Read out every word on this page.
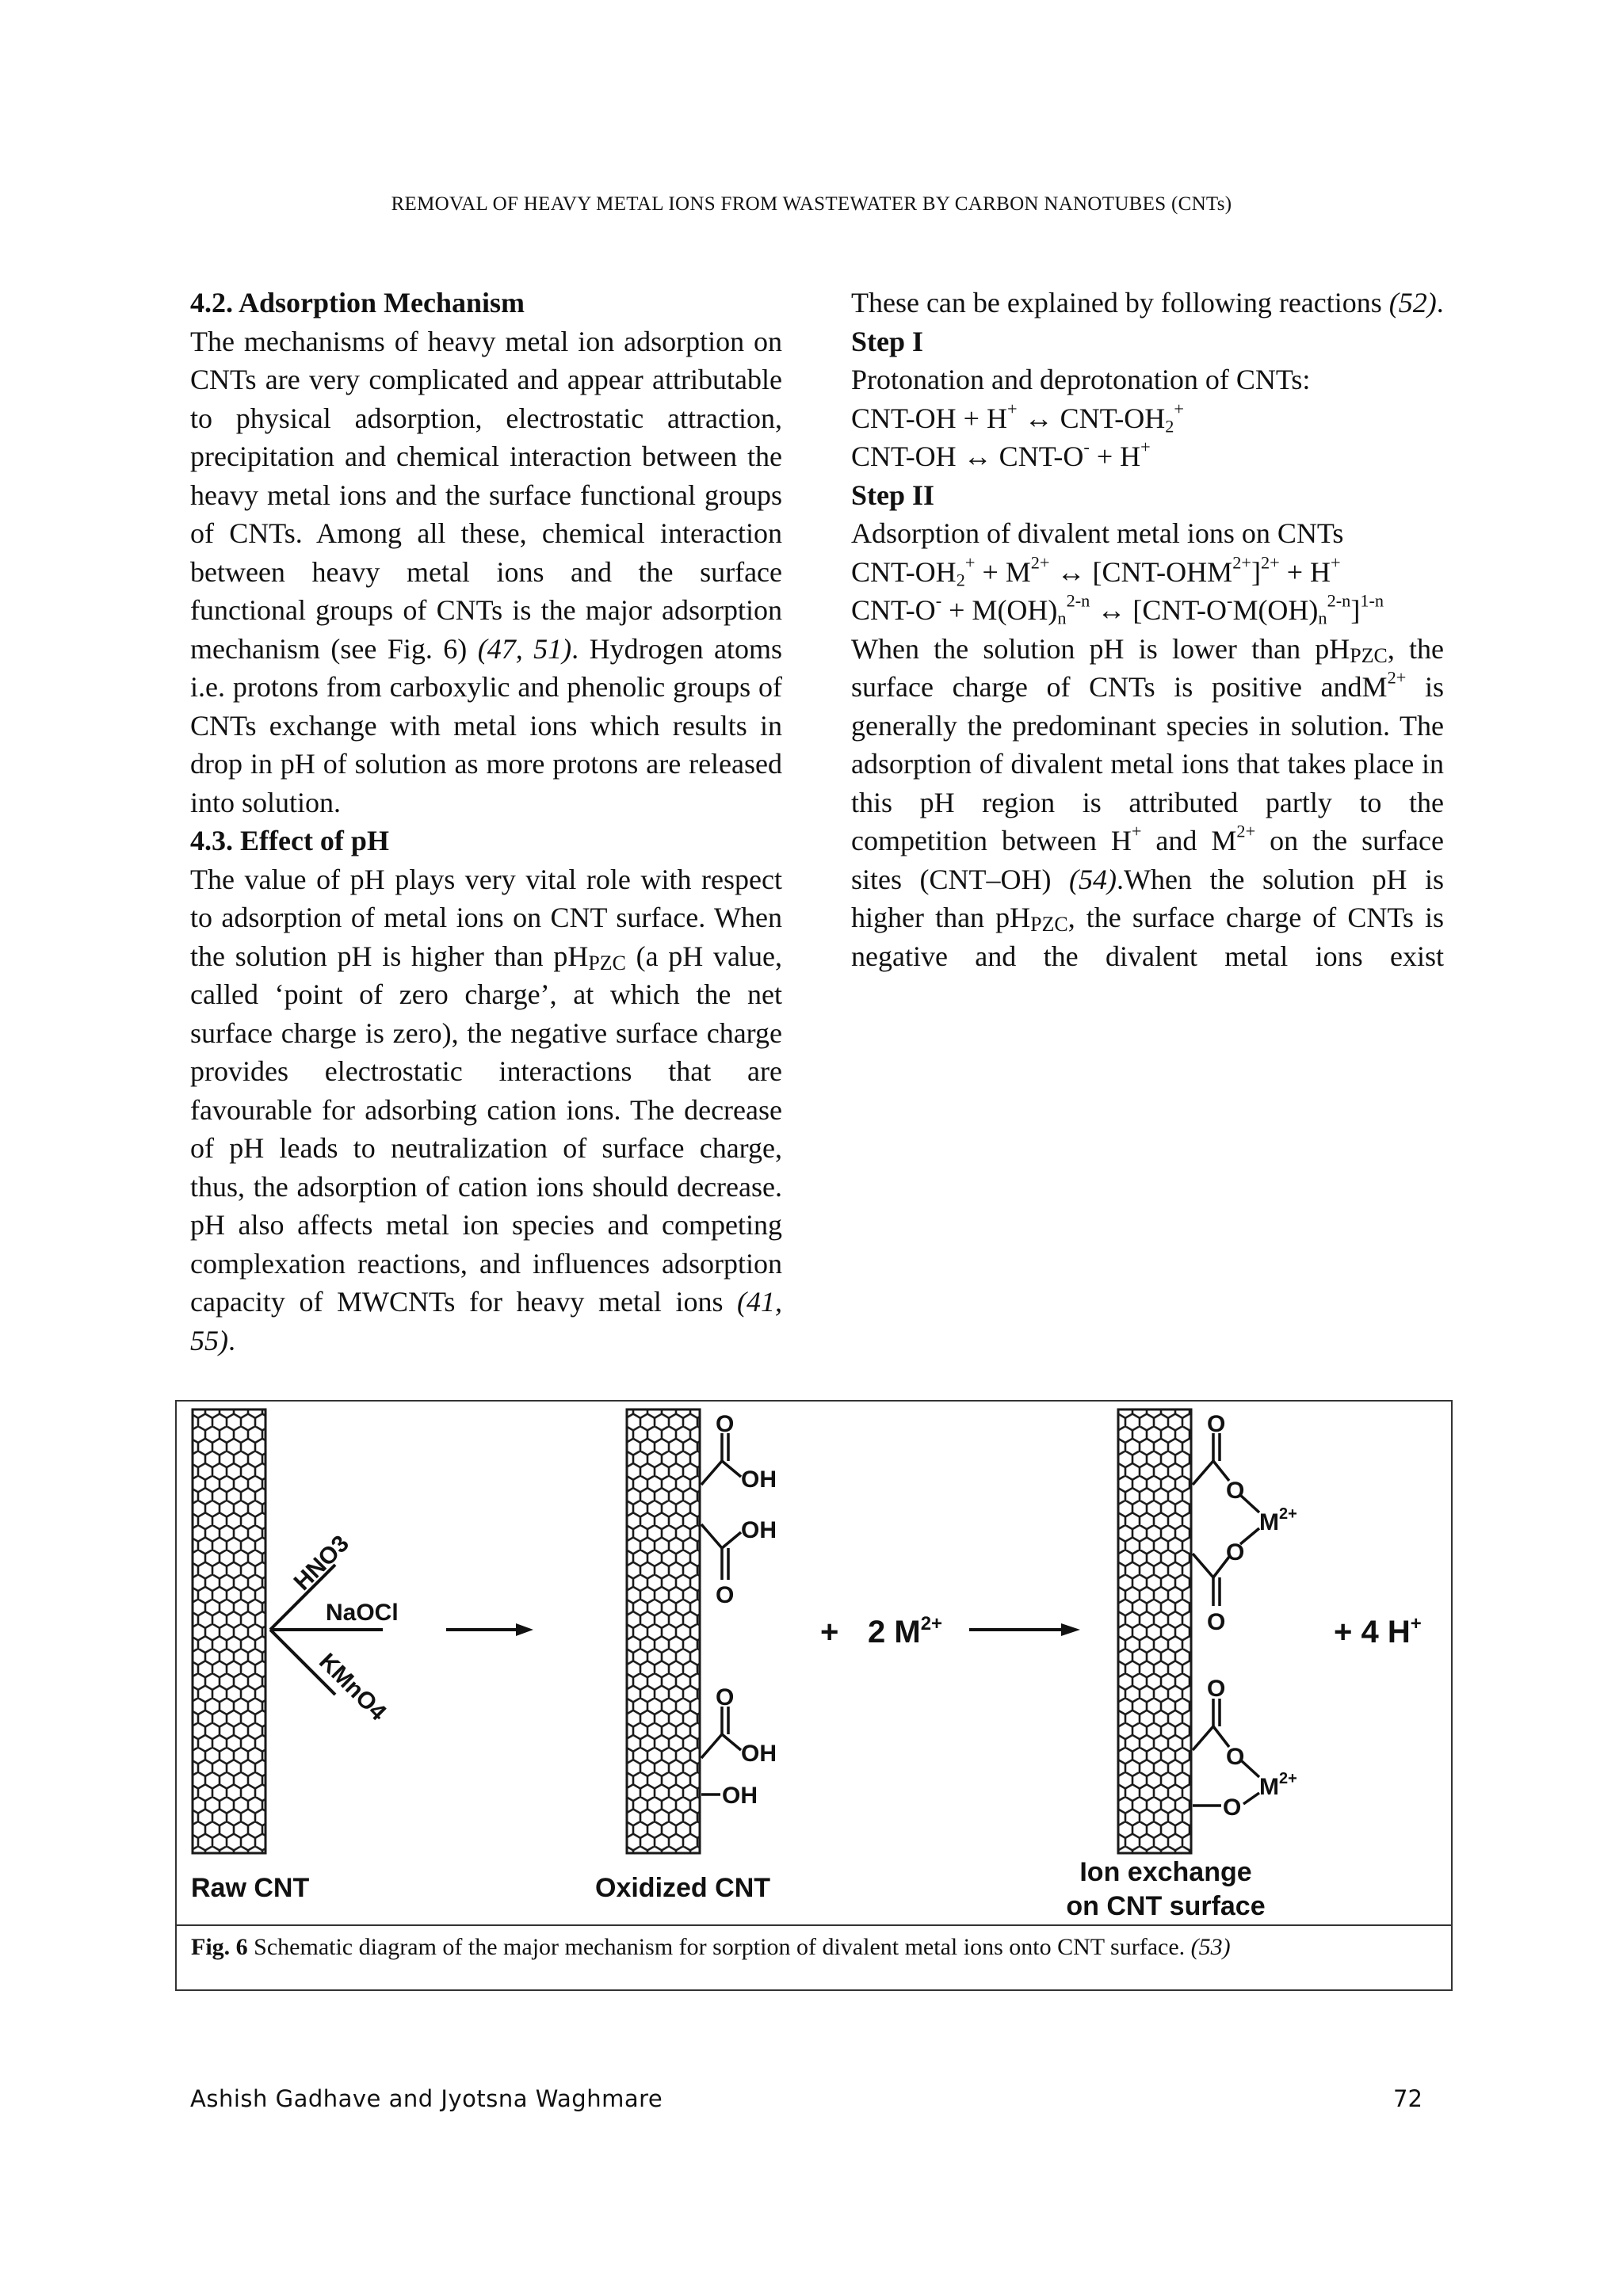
REMOVAL OF HEAVY METAL IONS FROM WASTEWATER BY CARBON NANOTUBES (CNTs)
4.2. Adsorption Mechanism

The mechanisms of heavy metal ion adsorption on CNTs are very complicated and appear attributable to physical adsorption, electrostatic attraction, precipitation and chemical interaction between the heavy metal ions and the surface functional groups of CNTs. Among all these, chemical interaction between heavy metal ions and the surface functional groups of CNTs is the major adsorption mechanism (see Fig. 6) (47, 51). Hydrogen atoms i.e. protons from carboxylic and phenolic groups of CNTs exchange with metal ions which results in drop in pH of solution as more protons are released into solution.

4.3. Effect of pH

The value of pH plays very vital role with respect to adsorption of metal ions on CNT surface. When the solution pH is higher than pHPZC (a pH value, called ‘point of zero charge’, at which the net surface charge is zero), the negative surface charge provides electrostatic interactions that are favourable for adsorbing cation ions. The decrease of pH leads to neutralization of surface charge, thus, the adsorption of cation ions should decrease. pH also affects metal ion species and competing complexation reactions, and influences adsorption capacity of MWCNTs for heavy metal ions (41, 55).

These can be explained by following reactions (52).

Step I

Protonation and deprotonation of CNTs:

CNT-OH + H+ ↔ CNT-$OH_2^+$

CNT-OH ↔ CNT-O- + H+

Step II

Adsorption of divalent metal ions on CNTs

CNT-$OH_2^+ + M^{2+}$ ↔ $[CNT-OHM^{2+}]^{2+} + H^+$

$CNT-O^- + M(OH)_n^{2-n}$ ↔ $[CNT-O^-M(OH)_n^{2-n}]^{1-n}$

When the solution pH is lower than pHPZC, the surface charge of CNTs is positive andM$^{2+}$ is generally the predominant species in solution. The adsorption of divalent metal ions that takes place in this pH region is attributed partly to the competition between H+ and $M^{2+}$ on the surface sites (CNT–OH) (54).When the solution pH is higher than pHPZC, the surface charge of CNTs is negative and the divalent metal ions exist

HNO3
NaOCl
KMnO4
O
OH
OH
O
O
OH
OH
+ 2 $M^{2+}$
O
O
$M^{2+}$
O
O
O
O
$M^{2+}$
O
+ 4 H+
Raw CNT	Oxidized CNT
Ion exchange
on CNT surface
Fig. 6 Schematic diagram of the major mechanism for sorption of divalent metal ions onto CNT surface. (53)
Ashish Gadhave and Jyotsna Waghmare	72
